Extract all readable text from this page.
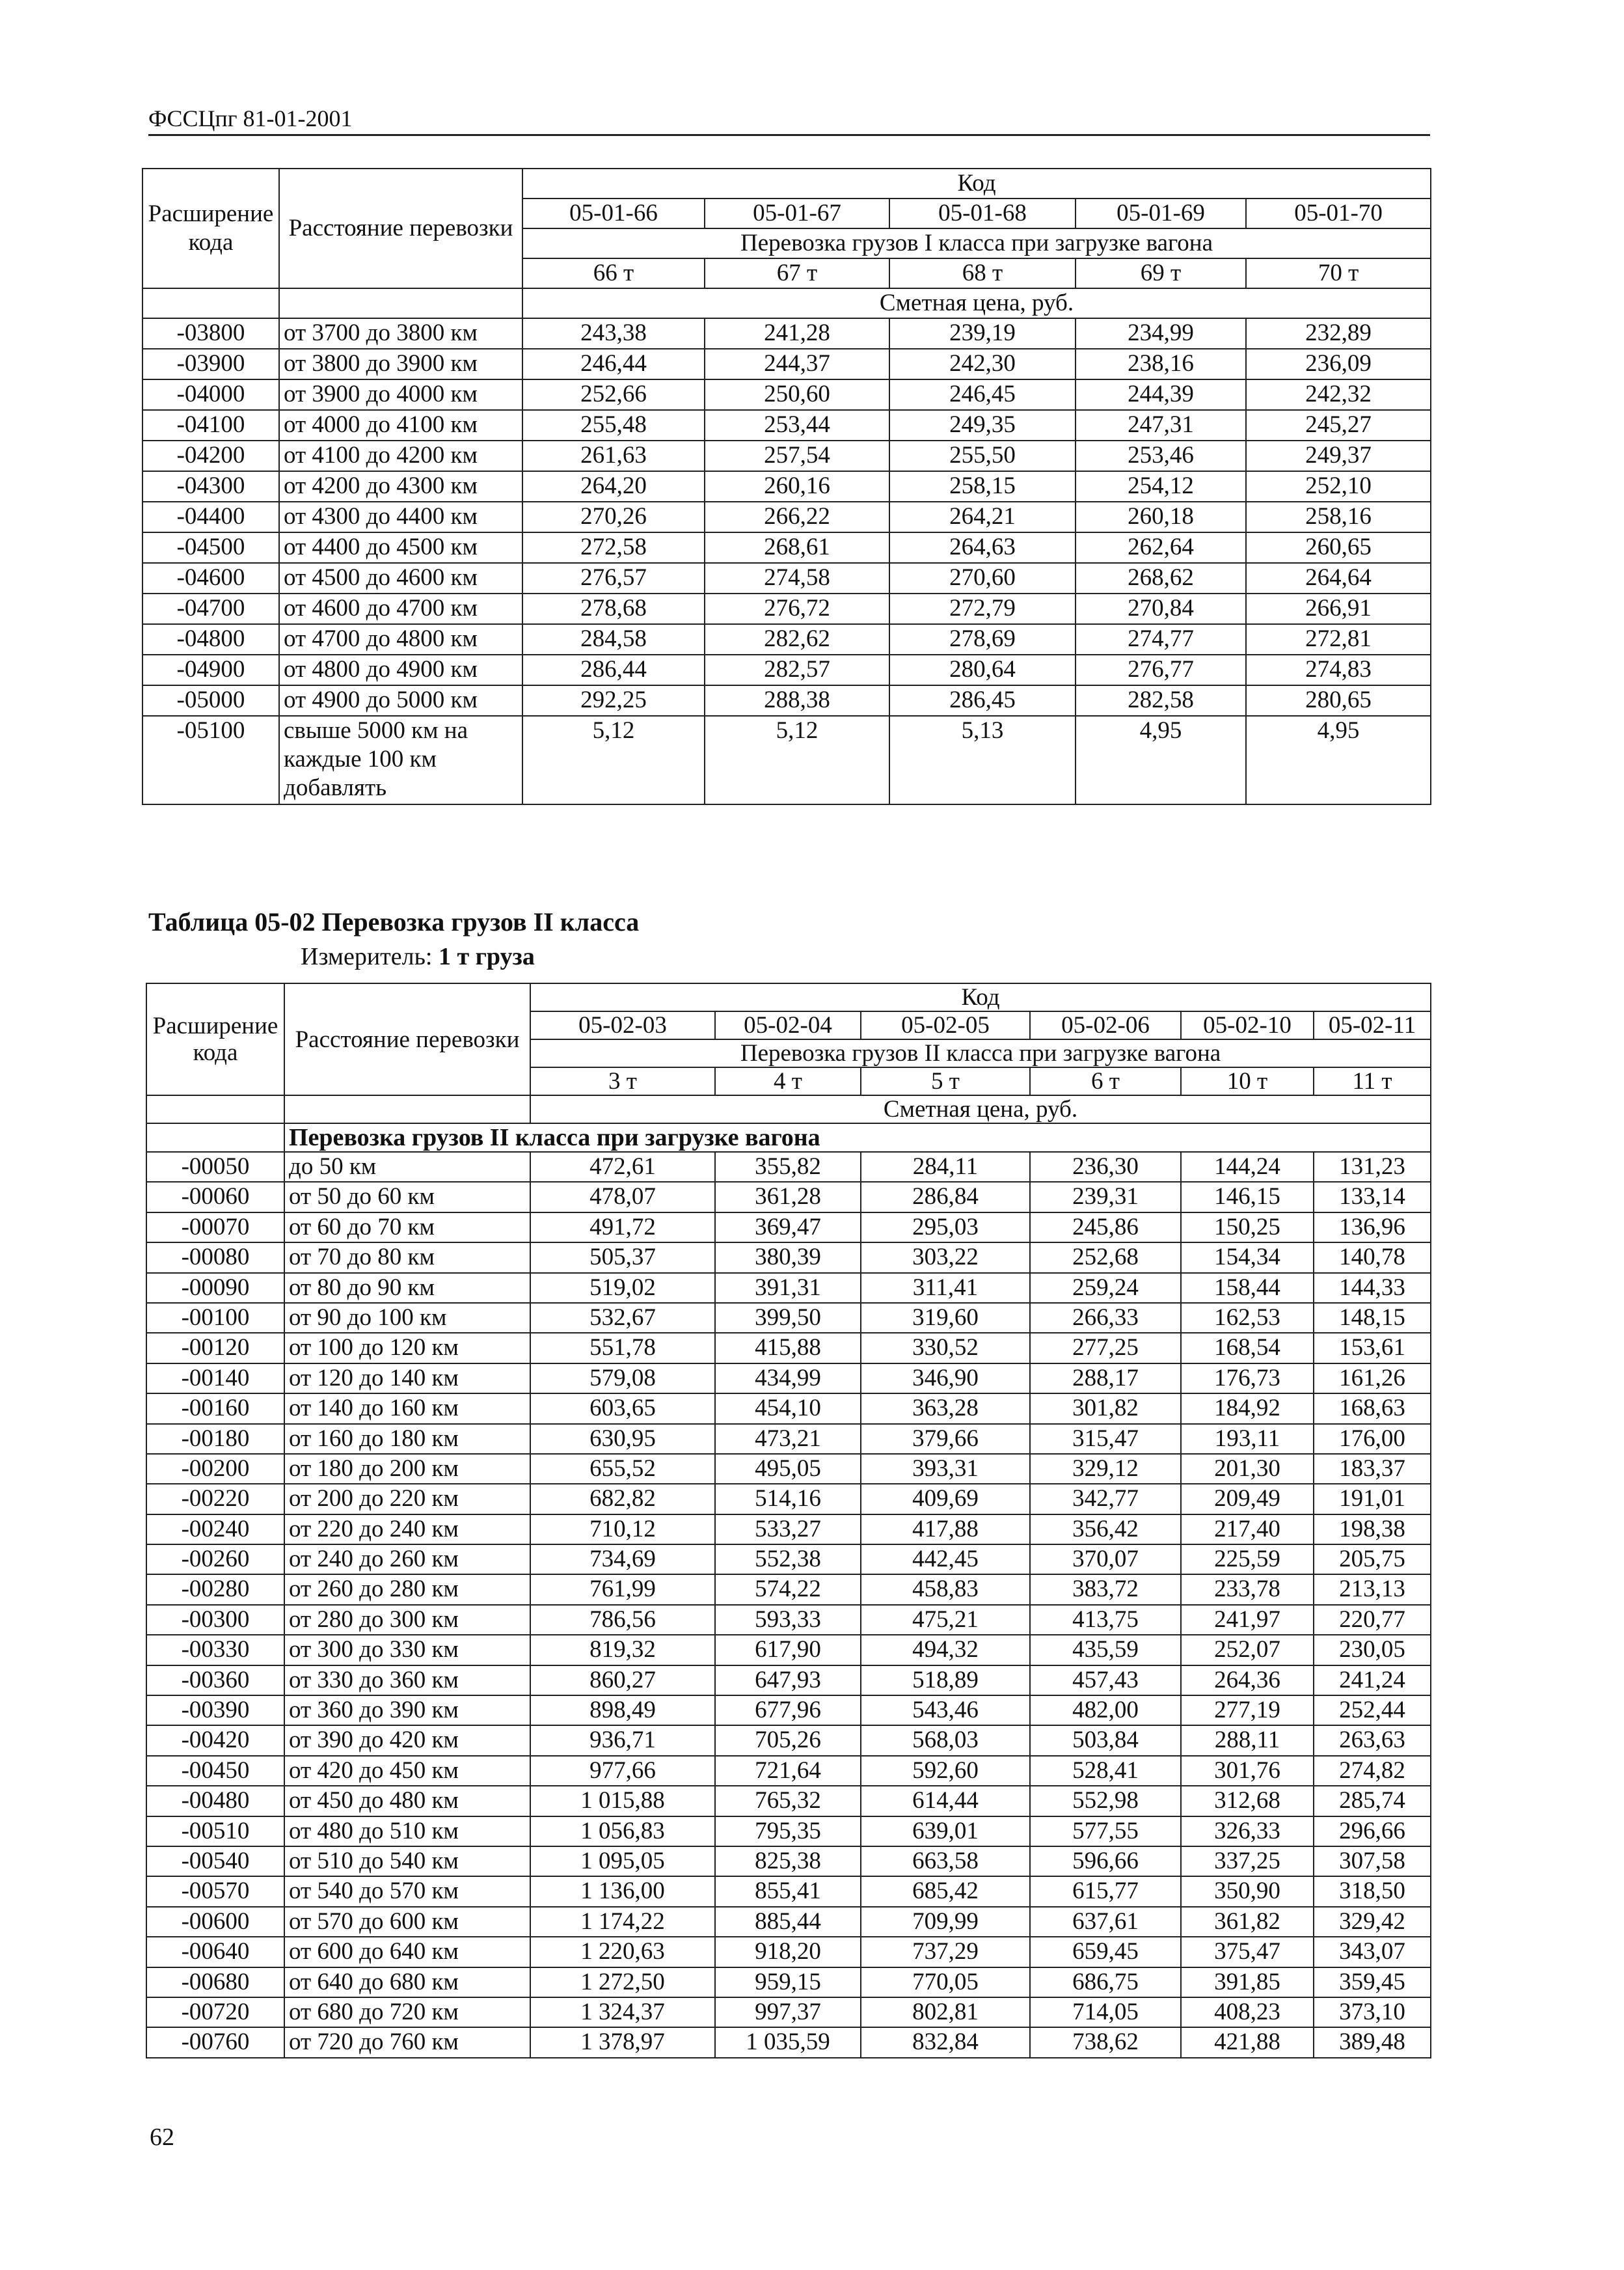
ФССЦпг 81-01-2001
Расширение кода	Расстояние перевозки	Код				
		05-01-66	05-01-67	05-01-68	05-01-69	05-01-70
		Перевозка грузов I класса при загрузке вагона				
		66 т	67 т	68 т	69 т	70 т
		Сметная цена, руб.				
-03800	от 3700 до 3800 км	243,38	241,28	239,19	234,99	232,89
-03900	от 3800 до 3900 км	246,44	244,37	242,30	238,16	236,09
-04000	от 3900 до 4000 км	252,66	250,60	246,45	244,39	242,32
-04100	от 4000 до 4100 км	255,48	253,44	249,35	247,31	245,27
-04200	от 4100 до 4200 км	261,63	257,54	255,50	253,46	249,37
-04300	от 4200 до 4300 км	264,20	260,16	258,15	254,12	252,10
-04400	от 4300 до 4400 км	270,26	266,22	264,21	260,18	258,16
-04500	от 4400 до 4500 км	272,58	268,61	264,63	262,64	260,65
-04600	от 4500 до 4600 км	276,57	274,58	270,60	268,62	264,64
-04700	от 4600 до 4700 км	278,68	276,72	272,79	270,84	266,91
-04800	от 4700 до 4800 км	284,58	282,62	278,69	274,77	272,81
-04900	от 4800 до 4900 км	286,44	282,57	280,64	276,77	274,83
-05000	от 4900 до 5000 км	292,25	288,38	286,45	282,58	280,65
-05100	свыше 5000 км на каждые 100 км добавлять	5,12	5,12	5,13	4,95	4,95
Таблица 05-02 Перевозка грузов II класса
Измеритель: 1 т груза
Расширение кода	Расстояние перевозки	Код					
		05-02-03	05-02-04	05-02-05	05-02-06	05-02-10	05-02-11
		Перевозка грузов II класса при загрузке вагона					
		3 т	4 т	5 т	6 т	10 т	11 т
		Сметная цена, руб.					
	Перевозка грузов II класса при загрузке вагона						
-00050	до 50 км	472,61	355,82	284,11	236,30	144,24	131,23
-00060	от 50 до 60 км	478,07	361,28	286,84	239,31	146,15	133,14
-00070	от 60 до 70 км	491,72	369,47	295,03	245,86	150,25	136,96
-00080	от 70 до 80 км	505,37	380,39	303,22	252,68	154,34	140,78
-00090	от 80 до 90 км	519,02	391,31	311,41	259,24	158,44	144,33
-00100	от 90 до 100 км	532,67	399,50	319,60	266,33	162,53	148,15
-00120	от 100 до 120 км	551,78	415,88	330,52	277,25	168,54	153,61
-00140	от 120 до 140 км	579,08	434,99	346,90	288,17	176,73	161,26
-00160	от 140 до 160 км	603,65	454,10	363,28	301,82	184,92	168,63
-00180	от 160 до 180 км	630,95	473,21	379,66	315,47	193,11	176,00
-00200	от 180 до 200 км	655,52	495,05	393,31	329,12	201,30	183,37
-00220	от 200 до 220 км	682,82	514,16	409,69	342,77	209,49	191,01
-00240	от 220 до 240 км	710,12	533,27	417,88	356,42	217,40	198,38
-00260	от 240 до 260 км	734,69	552,38	442,45	370,07	225,59	205,75
-00280	от 260 до 280 км	761,99	574,22	458,83	383,72	233,78	213,13
-00300	от 280 до 300 км	786,56	593,33	475,21	413,75	241,97	220,77
-00330	от 300 до 330 км	819,32	617,90	494,32	435,59	252,07	230,05
-00360	от 330 до 360 км	860,27	647,93	518,89	457,43	264,36	241,24
-00390	от 360 до 390 км	898,49	677,96	543,46	482,00	277,19	252,44
-00420	от 390 до 420 км	936,71	705,26	568,03	503,84	288,11	263,63
-00450	от 420 до 450 км	977,66	721,64	592,60	528,41	301,76	274,82
-00480	от 450 до 480 км	1 015,88	765,32	614,44	552,98	312,68	285,74
-00510	от 480 до 510 км	1 056,83	795,35	639,01	577,55	326,33	296,66
-00540	от 510 до 540 км	1 095,05	825,38	663,58	596,66	337,25	307,58
-00570	от 540 до 570 км	1 136,00	855,41	685,42	615,77	350,90	318,50
-00600	от 570 до 600 км	1 174,22	885,44	709,99	637,61	361,82	329,42
-00640	от 600 до 640 км	1 220,63	918,20	737,29	659,45	375,47	343,07
-00680	от 640 до 680 км	1 272,50	959,15	770,05	686,75	391,85	359,45
-00720	от 680 до 720 км	1 324,37	997,37	802,81	714,05	408,23	373,10
-00760	от 720 до 760 км	1 378,97	1 035,59	832,84	738,62	421,88	389,48
62
